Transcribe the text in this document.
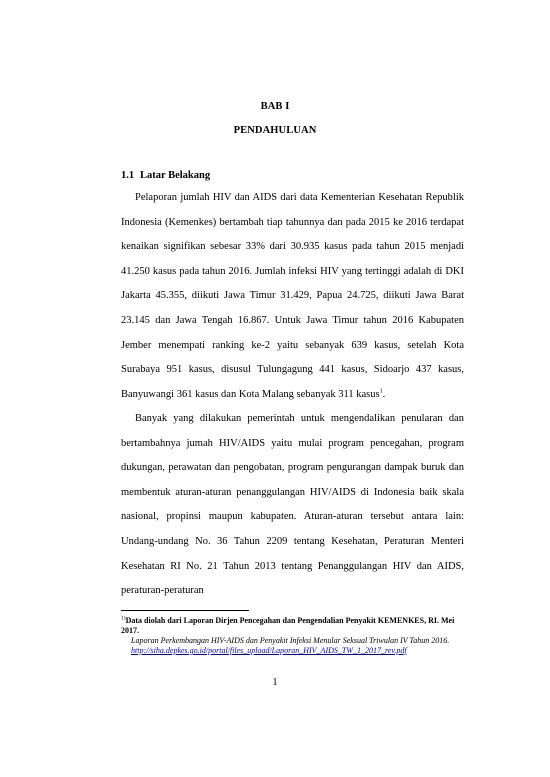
BAB I
PENDAHULUAN
1.1 Latar Belakang

Pelaporan jumlah HIV dan AIDS dari data Kementerian Kesehatan Republik Indonesia (Kemenkes) bertambah tiap tahunnya dan pada 2015 ke 2016 terdapat kenaikan signifikan sebesar 33% dari 30.935 kasus pada tahun 2015 menjadi 41.250 kasus pada tahun 2016. Jumlah infeksi HIV yang tertinggi adalah di DKI Jakarta 45.355, diikuti Jawa Timur 31.429, Papua 24.725, diikuti Jawa Barat 23.145 dan Jawa Tengah 16.867. Untuk Jawa Timur tahun 2016 Kabupaten Jember menempati ranking ke-2 yaitu sebanyak 639 kasus, setelah Kota Surabaya 951 kasus, disusul Tulungagung 441 kasus, Sidoarjo 437 kasus, Banyuwangi 361 kasus dan Kota Malang sebanyak 311 kasus$^1$.

Banyak yang dilakukan pemerintah untuk mengendalikan penularan dan bertambahnya jumah HIV/AIDS yaitu mulai program pencegahan, program dukungan, perawatan dan pengobatan, program pengurangan dampak buruk dan membentuk aturan-aturan penanggulangan HIV/AIDS di Indonesia baik skala nasional, propinsi maupun kabupaten. Aturan-aturan tersebut antara lain: Undang-undang No. 36 Tahun 2209 tentang Kesehatan, Peraturan Menteri Kesehatan RI No. 21 Tahun 2013 tentang Penanggulangan HIV dan AIDS, peraturan-peraturan

$^{1)}$Data diolah dari Laporan Dirjen Pencegahan dan Pengendalian Penyakit KEMENKES, RI. Mei 2017.
Laporan Perkembangan HIV-AIDS dan Penyakit Infeksi Menular Seksual Triwulan IV Tahun 2016.
http://siha.depkes.go.id/portal/files_upload/Laporan_HIV_AIDS_TW_1_2017_rev.pdf
1
